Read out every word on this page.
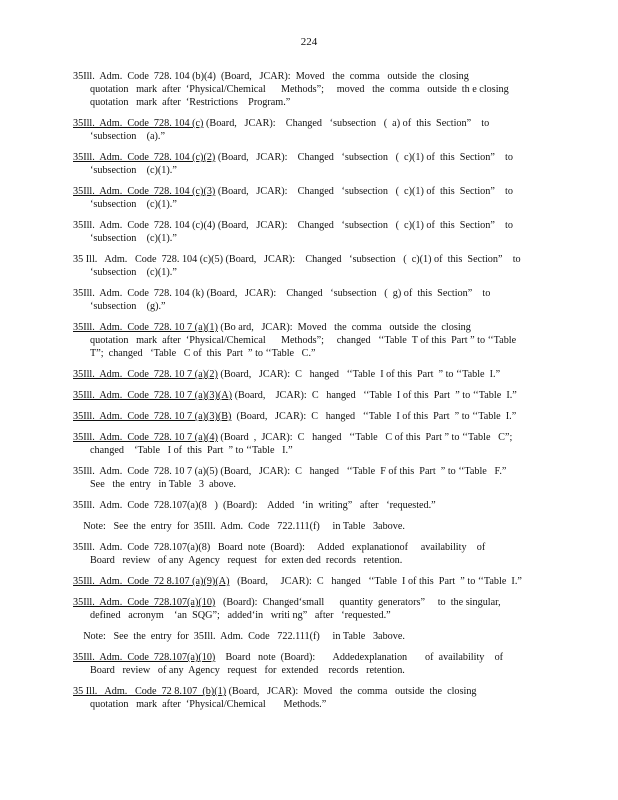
224
35Ill.  Adm.  Code  728. 104 (b)(4)  (Board,   JCAR):  Moved   the  comma   outside  the  closing
quotation   mark  after  ‘Physical/Chemical      Methods”;     moved   the  comma   outside  th e closing
quotation   mark  after  ‘Restrictions    Program.”
35Ill.  Adm.  Code  728. 104 (c) (Board,   JCAR):    Changed   ‘subsection   (  a) of  this  Section”    to
‘subsection    (a).”
35Ill.  Adm.  Code  728. 104 (c)(2) (Board,   JCAR):    Changed   ‘subsection   (  c)(1) of  this  Section”    to
‘subsection    (c)(1).”
35Ill.  Adm.  Code  728. 104 (c)(3) (Board,   JCAR):    Changed   ‘subsection   (  c)(1) of  this  Section”    to
‘subsection    (c)(1).”
35Ill.  Adm.  Code  728. 104 (c)(4) (Board,   JCAR):    Changed   ‘subsection   (  c)(1) of  this  Section”    to
‘subsection    (c)(1).”
35 Ill.   Adm.   Code  728. 104 (c)(5) (Board,   JCAR):    Changed   ‘subsection   (  c)(1) of  this  Section”    to
‘subsection    (c)(1).”
35Ill.  Adm.  Code  728. 104 (k) (Board,   JCAR):    Changed   ‘subsection   (  g) of  this  Section”    to
‘subsection    (g).”
35Ill.  Adm.  Code  728. 10 7 (a)(1) (Bo ard,   JCAR):  Moved   the  comma   outside  the  closing
quotation   mark  after  ‘Physical/Chemical      Methods”;     changed   ‘‘Table  T of this  Part ” to ‘‘Table
T”;  changed   ‘Table   C of  this  Part  ” to ‘‘Table   C.”
35Ill.  Adm.  Code  728. 10 7 (a)(2) (Board,   JCAR):  C   hanged   ‘‘Table  I of this  Part  ” to ‘‘Table  I.”
35Ill.  Adm.  Code  728. 10 7 (a)(3)(A) (Board,    JCAR):  C   hanged   ‘‘Table  I of this  Part  ” to ‘‘Table  I.”
35Ill.  Adm.  Code  728. 10 7 (a)(3)(B)  (Board,   JCAR):  C   hanged   ‘‘Table  I of this  Part  ” to ‘‘Table  I.”
35Ill.  Adm.  Code  728. 10 7 (a)(4) (Board  ,  JCAR):  C   hanged   ‘‘Table   C of this  Part ” to ‘‘Table   C”;
changed    ‘Table   I of  this  Part  ” to ‘‘Table   I.”
35Ill.  Adm.  Code  728. 10 7 (a)(5) (Board,   JCAR):  C   hanged   ‘‘Table  F of this  Part  ” to ‘‘Table   F.”
See   the  entry   in Table   3  above.
35Ill.  Adm.  Code  728.107(a)(8   )  (Board):    Added   ‘in  writing”   after   ‘requested.”
Note:   See  the  entry  for  35Ill.  Adm.  Code   722.111(f)     in Table   3above.
35Ill.  Adm.  Code  728.107(a)(8)   Board  note  (Board):     Added   explanationof     availability    of
Board   review   of any  Agency   request   for  exten ded  records   retention.
35Ill.  Adm.  Code  72 8.107 (a)(9)(A)   (Board,     JCAR):  C   hanged   ‘‘Table  I of this  Part  ” to ‘‘Table  I.”
35Ill.  Adm.  Code  728.107(a)(10)   (Board):  Changed‘small      quantity  generators”     to  the singular,
defined   acronym    ‘an  SQG”;   added‘in   writi ng”   after   ‘requested.”
Note:   See  the  entry  for  35Ill.  Adm.  Code   722.111(f)     in Table   3above.
35Ill.  Adm.  Code  728.107(a)(10)    Board   note  (Board):       Addedexplanation       of  availability    of
Board   review   of any  Agency   request   for  extended    records   retention.
35 Ill.   Adm.   Code  72 8.107  (b)(1) (Board,   JCAR):  Moved   the  comma   outside  the  closing
quotation   mark  after  ‘Physical/Chemical       Methods.”
